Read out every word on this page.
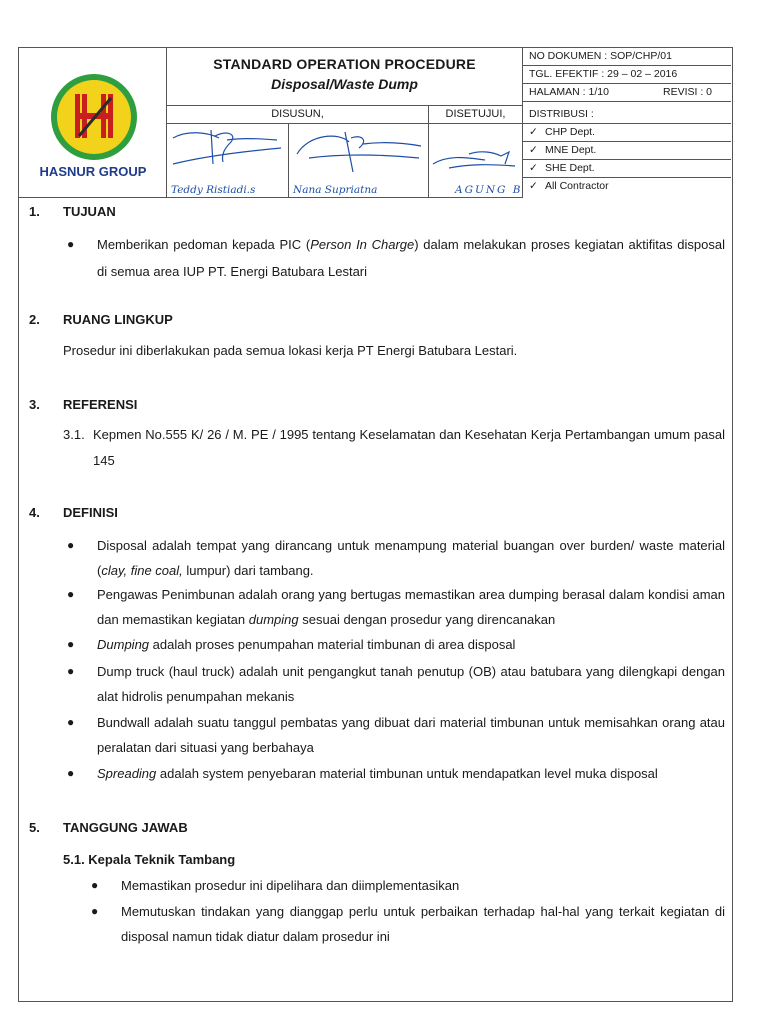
HASNUR GROUP
STANDARD OPERATION PROCEDURE
Disposal/Waste Dump
DISUSUN,	DISETUJUI,
Teddy Ristiadi.s	Nana Supriatna	AGUNG B
NO DOKUMEN : SOP/CHP/01
TGL. EFEKTIF : 29 – 02 – 2016
HALAMAN : 1/10	REVISI : 0
DISTRIBUSI :
✓ CHP Dept.
✓ MNE Dept.
✓ SHE Dept.
✓ All Contractor
1. TUJUAN
● Memberikan pedoman kepada PIC (Person In Charge) dalam melakukan proses kegiatan aktifitas disposal di semua area IUP PT. Energi Batubara Lestari
2. RUANG LINGKUP
Prosedur ini diberlakukan pada semua lokasi kerja PT Energi Batubara Lestari.
3. REFERENSI
3.1. Kepmen No.555 K/ 26 / M. PE / 1995 tentang Keselamatan dan Kesehatan Kerja Pertambangan umum pasal 145
4. DEFINISI
● Disposal adalah tempat yang dirancang untuk menampung material buangan over burden/ waste material (clay, fine coal, lumpur) dari tambang.
● Pengawas Penimbunan adalah orang yang bertugas memastikan area dumping berasal dalam kondisi aman dan memastikan kegiatan dumping sesuai dengan prosedur yang direncanakan
● Dumping adalah proses penumpahan material timbunan di area disposal
● Dump truck (haul truck) adalah unit pengangkut tanah penutup (OB) atau batubara yang dilengkapi dengan alat hidrolis penumpahan mekanis
● Bundwall adalah suatu tanggul pembatas yang dibuat dari material timbunan untuk memisahkan orang atau peralatan dari situasi yang berbahaya
● Spreading adalah system penyebaran material timbunan untuk mendapatkan level muka disposal
5. TANGGUNG JAWAB
5.1. Kepala Teknik Tambang
● Memastikan prosedur ini dipelihara dan diimplementasikan
● Memutuskan tindakan yang dianggap perlu untuk perbaikan terhadap hal-hal yang terkait kegiatan di disposal namun tidak diatur dalam prosedur ini
